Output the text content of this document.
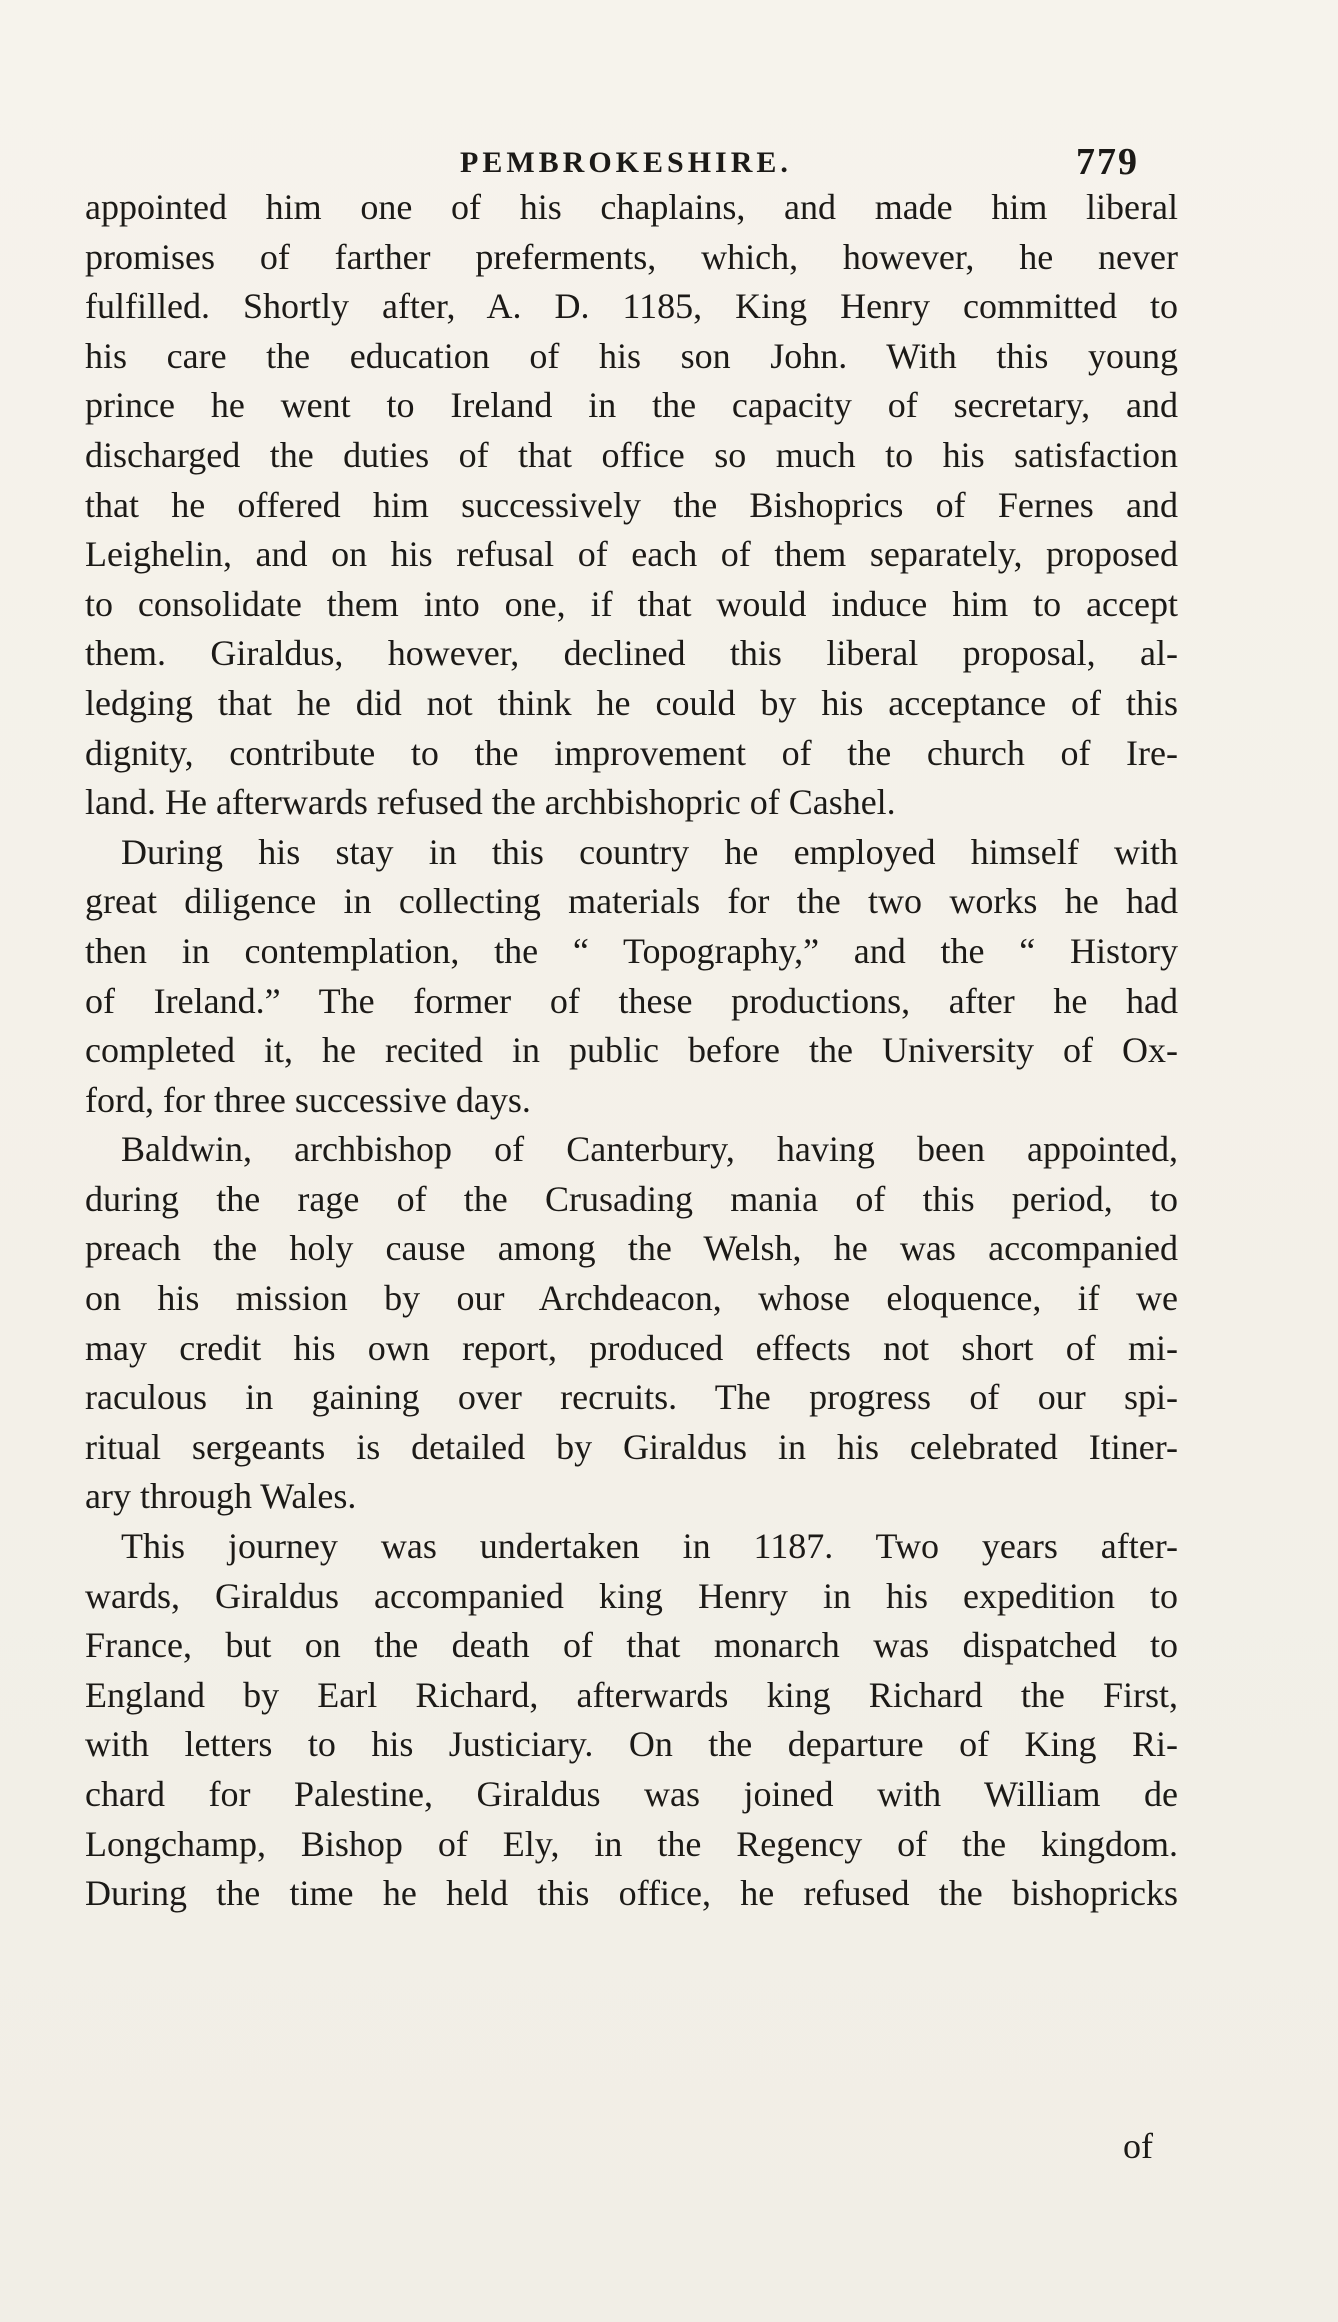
PEMBROKESHIRE.	779
appointed him one of his chaplains, and made him liberal
promises of farther preferments, which, however, he never
fulfilled. Shortly after, A. D. 1185, King Henry committed to
his care the education of his son John. With this young
prince he went to Ireland in the capacity of secretary, and
discharged the duties of that office so much to his satisfaction
that he offered him successively the Bishoprics of Fernes and
Leighelin, and on his refusal of each of them separately, proposed
to consolidate them into one, if that would induce him to accept
them. Giraldus, however, declined this liberal proposal, al-
ledging that he did not think he could by his acceptance of this
dignity, contribute to the improvement of the church of Ire-
land. He afterwards refused the archbishopric of Cashel.
During his stay in this country he employed himself with
great diligence in collecting materials for the two works he had
then in contemplation, the “ Topography,” and the “ History
of Ireland.” The former of these productions, after he had
completed it, he recited in public before the University of Ox-
ford, for three successive days.
Baldwin, archbishop of Canterbury, having been appointed,
during the rage of the Crusading mania of this period, to
preach the holy cause among the Welsh, he was accompanied
on his mission by our Archdeacon, whose eloquence, if we
may credit his own report, produced effects not short of mi-
raculous in gaining over recruits. The progress of our spi-
ritual sergeants is detailed by Giraldus in his celebrated Itiner-
ary through Wales.
This journey was undertaken in 1187. Two years after-
wards, Giraldus accompanied king Henry in his expedition to
France, but on the death of that monarch was dispatched to
England by Earl Richard, afterwards king Richard the First,
with letters to his Justiciary. On the departure of King Ri-
chard for Palestine, Giraldus was joined with William de
Longchamp, Bishop of Ely, in the Regency of the kingdom.
During the time he held this office, he refused the bishopricks
of
